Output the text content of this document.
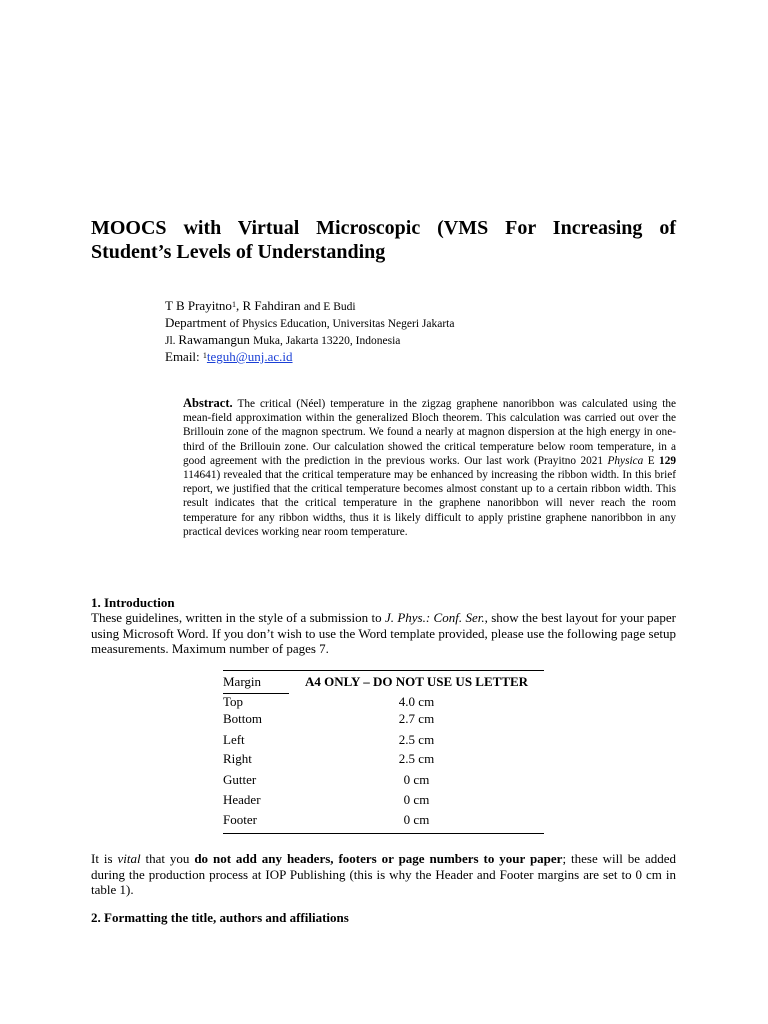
MOOCS with Virtual Microscopic (VMS For Increasing of Student’s Levels of Understanding
T B Prayitno$^1$, R Fahdiran and E Budi
Department of Physics Education, Universitas Negeri Jakarta
Jl. Rawamangun Muka, Jakarta 13220, Indonesia
Email: $^1$teguh@unj.ac.id

Abstract. The critical (Néel) temperature in the zigzag graphene nanoribbon was calculated using the mean-field approximation within the generalized Bloch theorem. This calculation was carried out over the Brillouin zone of the magnon spectrum. We found a nearly at magnon dispersion at the high energy in one-third of the Brillouin zone. Our calculation showed the critical temperature below room temperature, in a good agreement with the prediction in the previous works. Our last work (Prayitno 2021 Physica E 129 114641) revealed that the critical temperature may be enhanced by increasing the ribbon width. In this brief report, we justified that the critical temperature becomes almost constant up to a certain ribbon width. This result indicates that the critical temperature in the graphene nanoribbon will never reach the room temperature for any ribbon widths, thus it is likely difficult to apply pristine graphene nanoribbon in any practical devices working near room temperature.

1. Introduction

These guidelines, written in the style of a submission to J. Phys.: Conf. Ser., show the best layout for your paper using Microsoft Word. If you don’t wish to use the Word template provided, please use the following page setup measurements. Maximum number of pages 7.

Margin	A4 ONLY – DO NOT USE US LETTER
Top	4.0 cm
Bottom	2.7 cm
Left	2.5 cm
Right	2.5 cm
Gutter	0 cm
Header	0 cm
Footer	0 cm

It is vital that you do not add any headers, footers or page numbers to your paper; these will be added during the production process at IOP Publishing (this is why the Header and Footer margins are set to 0 cm in table 1).

2. Formatting the title, authors and affiliations
